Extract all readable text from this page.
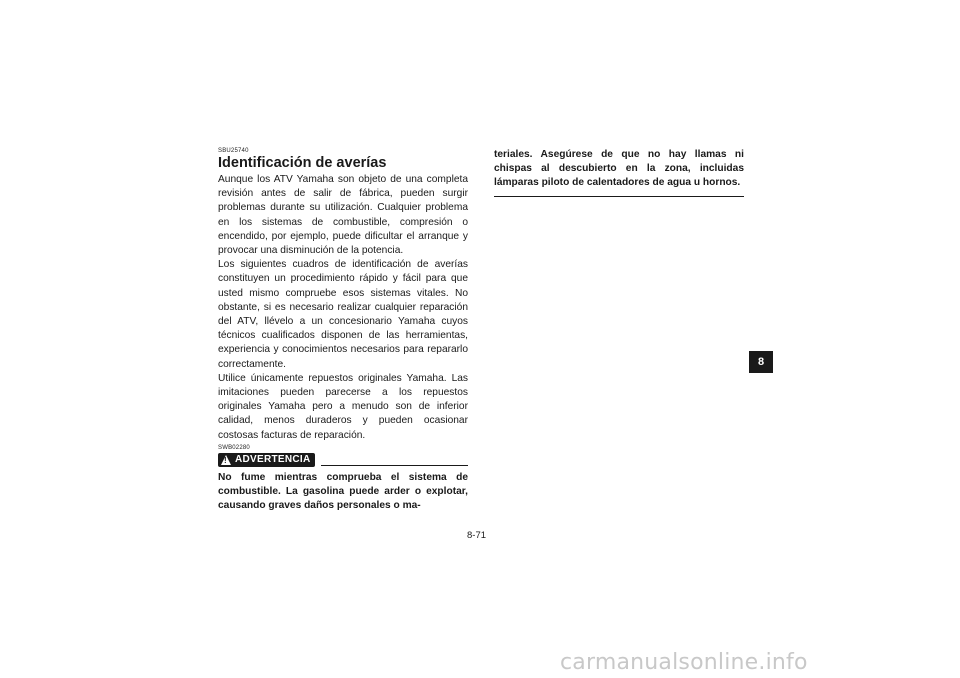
SBU25740
Identificación de averías

Aunque los ATV Yamaha son objeto de una completa revisión antes de salir de fábrica, pueden surgir problemas durante su utilización. Cualquier problema en los sistemas de combustible, compresión o encendido, por ejemplo, puede dificultar el arranque y provocar una disminución de la potencia.

Los siguientes cuadros de identificación de averías constituyen un procedimiento rápido y fácil para que usted mismo compruebe esos sistemas vitales. No obstante, si es necesario realizar cualquier reparación del ATV, llévelo a un concesionario Yamaha cuyos técnicos cualificados disponen de las herramientas, experiencia y conocimientos necesarios para repararlo correctamente.

Utilice únicamente repuestos originales Yamaha. Las imitaciones pueden parecerse a los repuestos originales Yamaha pero a menudo son de inferior calidad, menos duraderos y pueden ocasionar costosas facturas de reparación.

SWB02280
! ADVERTENCIA

No fume mientras comprueba el sistema de combustible. La gasolina puede arder o explotar, causando graves daños personales o ma-

teriales. Asegúrese de que no hay llamas ni chispas al descubierto en la zona, incluidas lámparas piloto de calentadores de agua u hornos.

8-71
8
carmanualsonline.info
